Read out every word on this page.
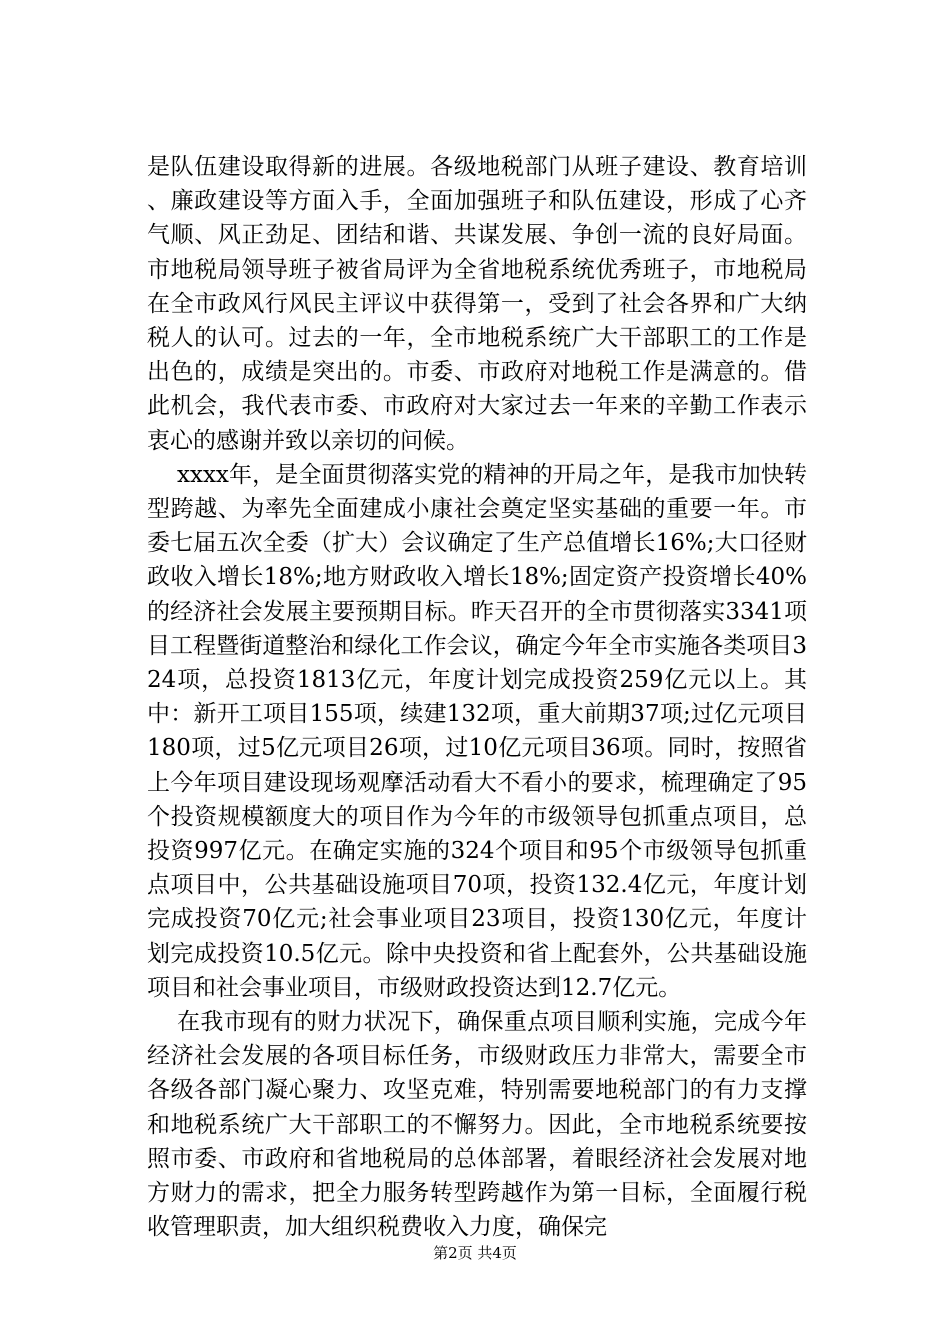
是队伍建设取得新的进展。各级地税部门从班子建设、教育培训、廉政建设等方面入手，全面加强班子和队伍建设，形成了心齐气顺、风正劲足、团结和谐、共谋发展、争创一流的良好局面。市地税局领导班子被省局评为全省地税系统优秀班子，市地税局在全市政风行风民主评议中获得第一，受到了社会各界和广大纳税人的认可。过去的一年，全市地税系统广大干部职工的工作是出色的，成绩是突出的。市委、市政府对地税工作是满意的。借此机会，我代表市委、市政府对大家过去一年来的辛勤工作表示衷心的感谢并致以亲切的问候。

xxxx年，是全面贯彻落实党的精神的开局之年，是我市加快转型跨越、为率先全面建成小康社会奠定坚实基础的重要一年。市委七届五次全委（扩大）会议确定了生产总值增长16%;大口径财政收入增长18%;地方财政收入增长18%;固定资产投资增长40%的经济社会发展主要预期目标。昨天召开的全市贯彻落实3341项目工程暨街道整治和绿化工作会议，确定今年全市实施各类项目324项，总投资1813亿元，年度计划完成投资259亿元以上。其中：新开工项目155项，续建132项，重大前期37项;过亿元项目180项，过5亿元项目26项，过10亿元项目36项。同时，按照省上今年项目建设现场观摩活动看大不看小的要求，梳理确定了95个投资规模额度大的项目作为今年的市级领导包抓重点项目，总投资997亿元。在确定实施的324个项目和95个市级领导包抓重点项目中，公共基础设施项目70项，投资132.4亿元，年度计划完成投资70亿元;社会事业项目23项目，投资130亿元，年度计划完成投资10.5亿元。除中央投资和省上配套外，公共基础设施项目和社会事业项目，市级财政投资达到12.7亿元。

在我市现有的财力状况下，确保重点项目顺利实施，完成今年经济社会发展的各项目标任务，市级财政压力非常大，需要全市各级各部门凝心聚力、攻坚克难，特别需要地税部门的有力支撑和地税系统广大干部职工的不懈努力。因此，全市地税系统要按照市委、市政府和省地税局的总体部署，着眼经济社会发展对地方财力的需求，把全力服务转型跨越作为第一目标，全面履行税收管理职责，加大组织税费收入力度，确保完

第2页 共4页
